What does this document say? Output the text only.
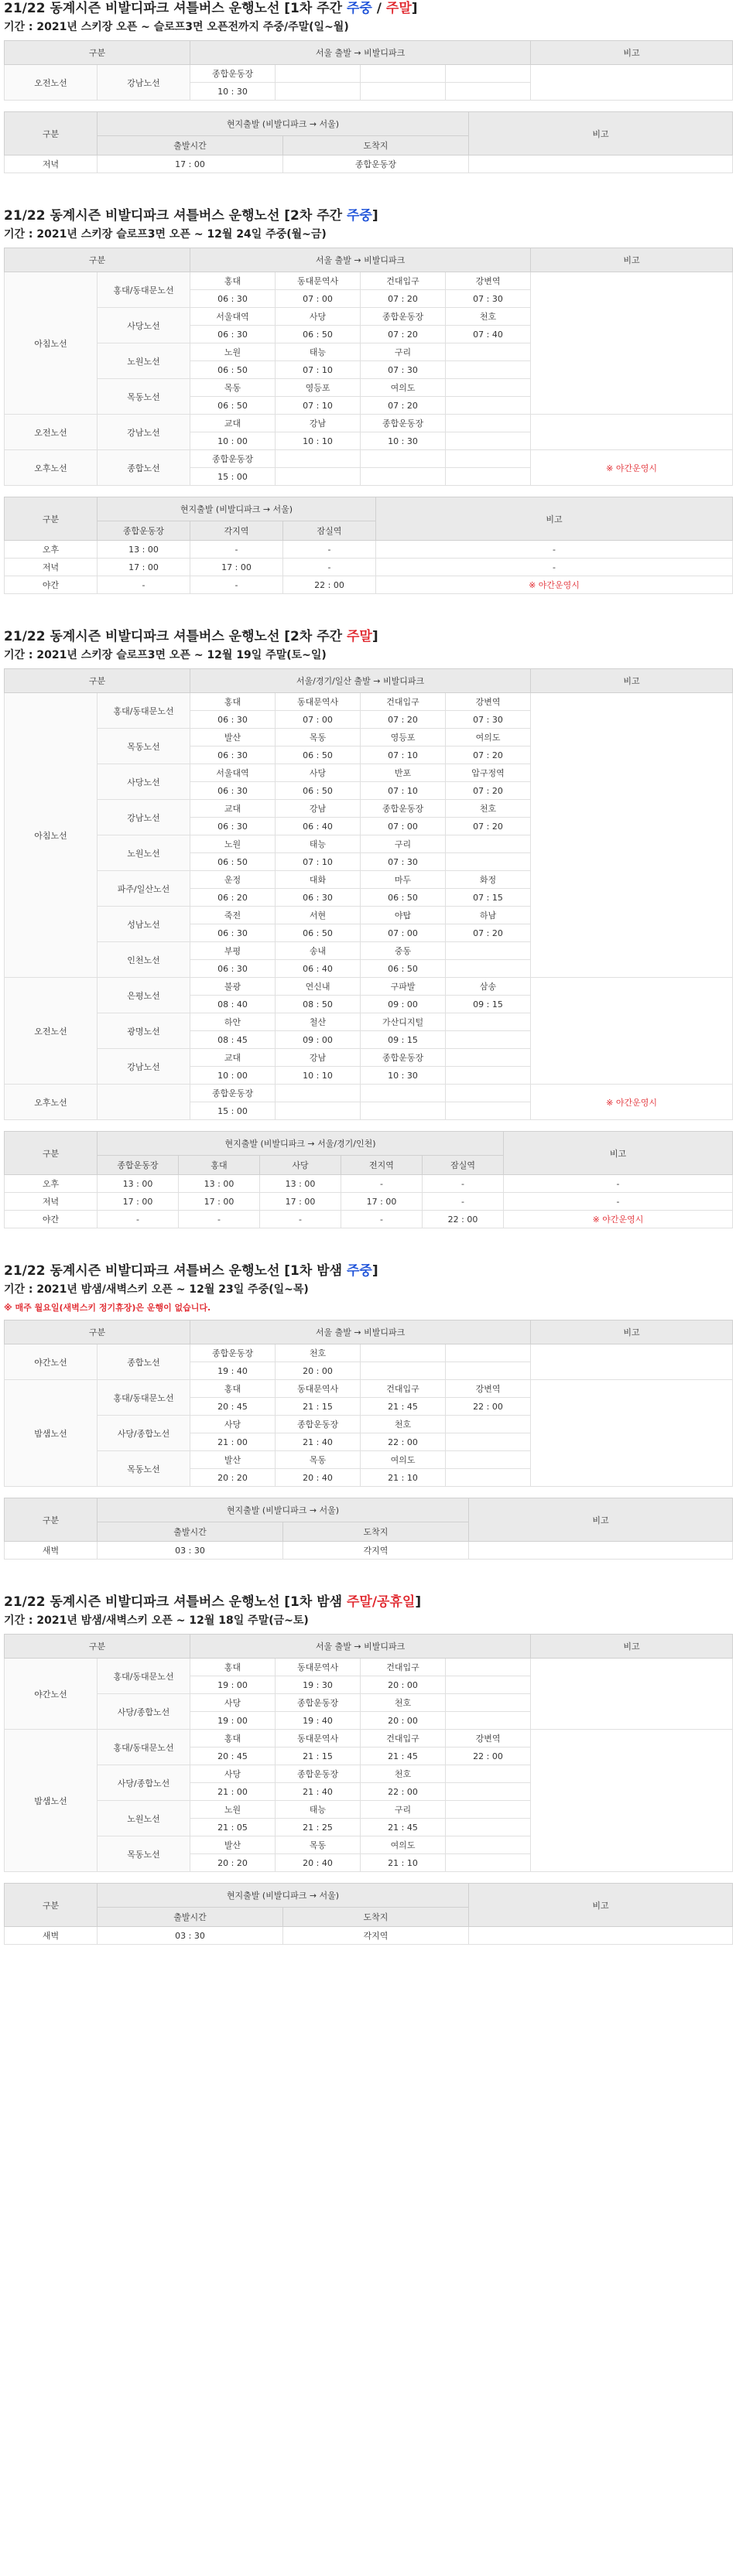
21/22 동계시즌 비발디파크 셔틀버스 운행노선 [1차 주간 주중 / 주말]
기간 : 2021년 스키장 오픈 ~ 슬로프3면 오픈전까지 주중/주말(일~월)
구분		서울 출발 → 비발디파크				비고
오전노선	강남노선	종합운동장				
		10 : 30				
구분	현지출발 (비발디파크 → 서울)		비고
	출발시간	도착지	
저녁	17 : 00	종합운동장	
21/22 동계시즌 비발디파크 셔틀버스 운행노선 [2차 주간 주중]
기간 : 2021년 스키장 슬로프3면 오픈 ~ 12월 24일 주중(월~금)
구분		서울 출발 → 비발디파크				비고
아침노선	홍대/동대문노선	홍대	동대문역사	건대입구	강변역	
		06 : 30	07 : 00	07 : 20	07 : 30	
	사당노선	서울대역	사당	종합운동장	천호	
		06 : 30	06 : 50	07 : 20	07 : 40	
	노원노선	노원	태능	구리		
		06 : 50	07 : 10	07 : 30		
	목동노선	목동	영등포	여의도		
		06 : 50	07 : 10	07 : 20		
오전노선	강남노선	교대	강남	종합운동장		
		10 : 00	10 : 10	10 : 30		
오후노선	종합노선	종합운동장				※ 야간운영시
		15 : 00				
구분	현지출발 (비발디파크 → 서울)			비고
	종합운동장	각지역	잠실역	
오후	13 : 00	-	-	-
저녁	17 : 00	17 : 00	-	-
야간	-	-	22 : 00	※ 야간운영시
21/22 동계시즌 비발디파크 셔틀버스 운행노선 [2차 주간 주말]
기간 : 2021년 스키장 슬로프3면 오픈 ~ 12월 19일 주말(토~일)
구분		서울/경기/일산 출발 → 비발디파크				비고
아침노선	홍대/동대문노선	홍대	동대문역사	건대입구	강변역	
		06 : 30	07 : 00	07 : 20	07 : 30	
	목동노선	발산	목동	영등포	여의도	
		06 : 30	06 : 50	07 : 10	07 : 20	
	사당노선	서울대역	사당	반포	압구정역	
		06 : 30	06 : 50	07 : 10	07 : 20	
	강남노선	교대	강남	종합운동장	천호	
		06 : 30	06 : 40	07 : 00	07 : 20	
	노원노선	노원	태능	구리		
		06 : 50	07 : 10	07 : 30		
	파주/일산노선	운정	대화	마두	화정	
		06 : 20	06 : 30	06 : 50	07 : 15	
	성남노선	죽전	서현	야탑	하남	
		06 : 30	06 : 50	07 : 00	07 : 20	
	인천노선	부평	송내	중동		
		06 : 30	06 : 40	06 : 50		
오전노선	은평노선	불광	연신내	구파발	삼송	
		08 : 40	08 : 50	09 : 00	09 : 15	
	광명노선	하안	철산	가산디지털		
		08 : 45	09 : 00	09 : 15		
	강남노선	교대	강남	종합운동장		
		10 : 00	10 : 10	10 : 30		
오후노선		종합운동장				※ 야간운영시
		15 : 00				
구분	현지출발 (비발디파크 → 서울/경기/인천)					비고
	종합운동장	홍대	사당	전지역	잠실역	
오후	13 : 00	13 : 00	13 : 00	-	-	-
저녁	17 : 00	17 : 00	17 : 00	17 : 00	-	-
야간	-	-	-	-	22 : 00	※ 야간운영시
21/22 동계시즌 비발디파크 셔틀버스 운행노선 [1차 밤샘 주중]
기간 : 2021년 밤샘/새벽스키 오픈 ~ 12월 23일 주중(일~목)
※ 매주 월요일(새벽스키 정기휴장)은 운행이 없습니다.
구분		서울 출발 → 비발디파크				비고
야간노선	종합노선	종합운동장	천호			
		19 : 40	20 : 00			
밤샘노선	홍대/동대문노선	홍대	동대문역사	건대입구	강변역	
		20 : 45	21 : 15	21 : 45	22 : 00	
	사당/종합노선	사당	종합운동장	천호		
		21 : 00	21 : 40	22 : 00		
	목동노선	발산	목동	여의도		
		20 : 20	20 : 40	21 : 10		
구분	현지출발 (비발디파크 → 서울)		비고
	출발시간	도착지	
새벽	03 : 30	각지역	
21/22 동계시즌 비발디파크 셔틀버스 운행노선 [1차 밤샘 주말/공휴일]
기간 : 2021년 밤샘/새벽스키 오픈 ~ 12월 18일 주말(금~토)
구분		서울 출발 → 비발디파크				비고
야간노선	홍대/동대문노선	홍대	동대문역사	건대입구		
		19 : 00	19 : 30	20 : 00		
	사당/종합노선	사당	종합운동장	천호		
		19 : 00	19 : 40	20 : 00		
밤샘노선	홍대/동대문노선	홍대	동대문역사	건대입구	강변역	
		20 : 45	21 : 15	21 : 45	22 : 00	
	사당/종합노선	사당	종합운동장	천호		
		21 : 00	21 : 40	22 : 00		
	노원노선	노원	태능	구리		
		21 : 05	21 : 25	21 : 45		
	목동노선	발산	목동	여의도		
		20 : 20	20 : 40	21 : 10		
구분	현지출발 (비발디파크 → 서울)		비고
	출발시간	도착지	
새벽	03 : 30	각지역	
